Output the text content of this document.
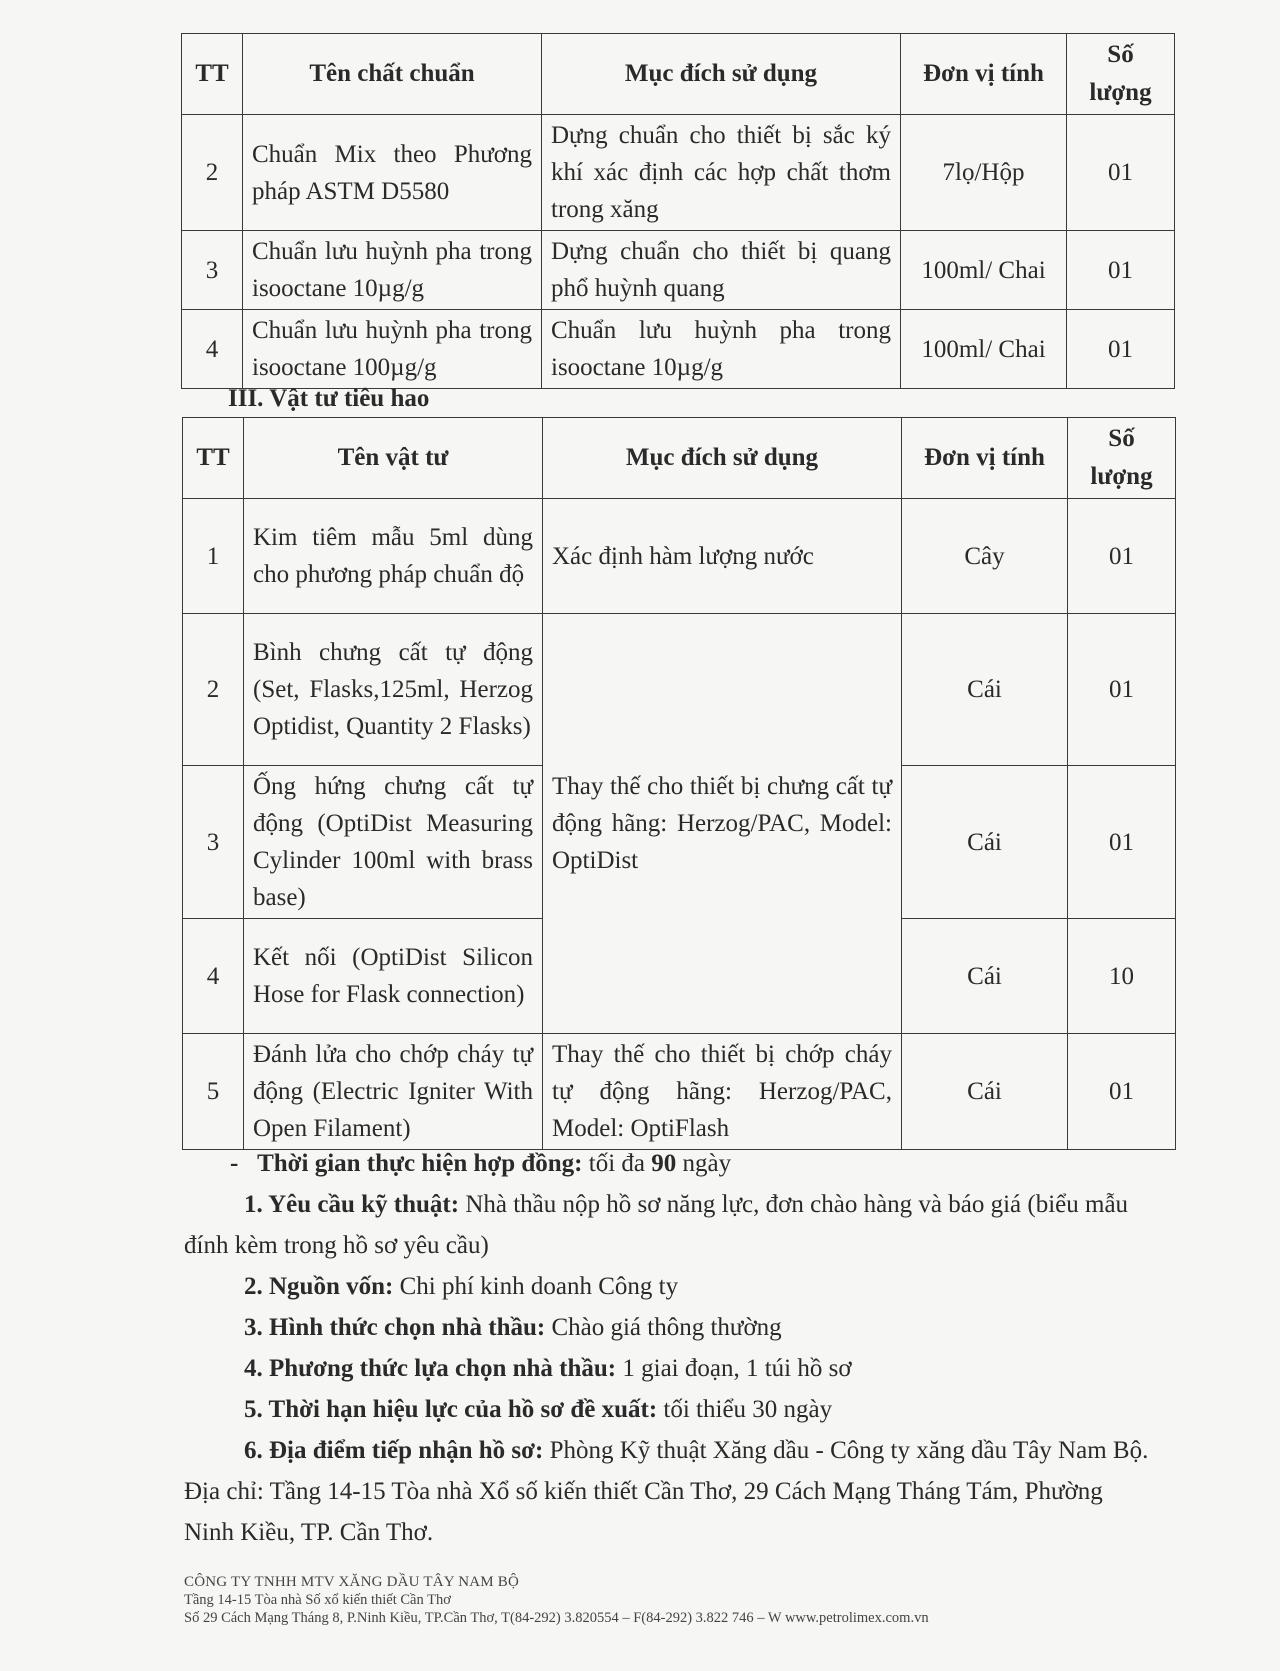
TT	Tên chất chuẩn	Mục đích sử dụng	Đơn vị tính	Số lượng
2	Chuẩn Mix theo Phương pháp ASTM D5580	Dựng chuẩn cho thiết bị sắc ký khí xác định các hợp chất thơm trong xăng	7lọ/Hộp	01
3	Chuẩn lưu huỳnh pha trong isooctane 10µg/g	Dựng chuẩn cho thiết bị quang phổ huỳnh quang	100ml/ Chai	01
4	Chuẩn lưu huỳnh pha trong isooctane 100µg/g	Chuẩn lưu huỳnh pha trong isooctane 10µg/g	100ml/ Chai	01
III. Vật tư tiêu hao
TT	Tên vật tư	Mục đích sử dụng	Đơn vị tính	Số lượng
1	Kim tiêm mẫu 5ml dùng cho phương pháp chuẩn độ	Xác định hàm lượng nước	Cây	01
2	Bình chưng cất tự động (Set, Flasks,125ml, Herzog Optidist, Quantity 2 Flasks)	Thay thế cho thiết bị chưng cất tự động hãng: Herzog/PAC, Model: OptiDist	Cái	01
3	Ống hứng chưng cất tự động (OptiDist Measuring Cylinder 100ml with brass base)		Cái	01
4	Kết nối (OptiDist Silicon Hose for Flask connection)		Cái	10
5	Đánh lửa cho chớp cháy tự động (Electric Igniter With Open Filament)	Thay thế cho thiết bị chớp cháy tự động hãng: Herzog/PAC, Model: OptiFlash	Cái	01

- Thời gian thực hiện hợp đồng: tối đa 90 ngày

1. Yêu cầu kỹ thuật: Nhà thầu nộp hồ sơ năng lực, đơn chào hàng và báo giá (biểu mẫu đính kèm trong hồ sơ yêu cầu)

2. Nguồn vốn: Chi phí kinh doanh Công ty

3. Hình thức chọn nhà thầu: Chào giá thông thường

4. Phương thức lựa chọn nhà thầu: 1 giai đoạn, 1 túi hồ sơ

5. Thời hạn hiệu lực của hồ sơ đề xuất: tối thiểu 30 ngày

6. Địa điểm tiếp nhận hồ sơ: Phòng Kỹ thuật Xăng dầu - Công ty xăng dầu Tây Nam Bộ. Địa chỉ: Tầng 14-15 Tòa nhà Xổ số kiến thiết Cần Thơ, 29 Cách Mạng Tháng Tám, Phường Ninh Kiều, TP. Cần Thơ.

CÔNG TY TNHH MTV XĂNG DẦU TÂY NAM BỘ
Tầng 14-15 Tòa nhà Số xổ kiến thiết Cần Thơ
Số 29 Cách Mạng Tháng 8, P.Ninh Kiều, TP.Cần Thơ, T(84-292) 3.820554 – F(84-292) 3.822 746 – W www.petrolimex.com.vn
